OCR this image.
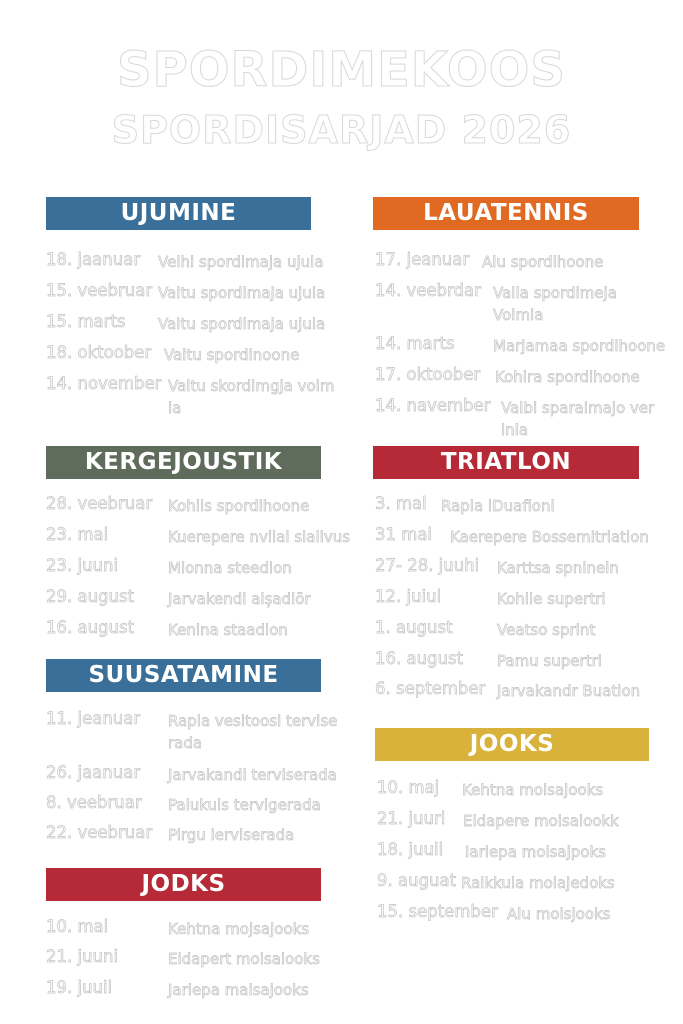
SPORDIMEKOOS
SPORDISARJAD 2026
UJUMINE
18. jaanuar Veihi spordimaja ujula
15. veebruar Vaitu spordimaja ujula
15. marts Vaitu spordimaja ujula
18. oktoober Vaitu spordinoone
14. november Valtu skordimgja voim ia
KERGEJOUSTIK
28. veebruar Kohils spordihoone
23. mai	Kuerepere nvilai sialivus
23. juuni	Mionna steedion
29. august Jarvakendi aișadiōr
16. august Kenina staadion
SUUSATAMINE
11. jeanuar Rapla vesitoosi tervise rada
26. jaanuar Jarvakandi terviserada
8. veebruar Palukuls tervigerada
22. veebruar Pirgu ierviserada
JODKS
10. mai	Kehtna mojsajooks
21. juuni	Eidapert moisaiooks
19. juuil	Jariepa maisajooks
LAUATENNIS
17. jeanuar Alu spordihoone
14. veebrdar Vaila spordimeja Voimia
14. marts	Marjamaa spordihoone
17. oktoober Kohlra spordihoone
14. navember Valbi sparaimajo ver lnla
TRIATLON
3. mal Rapla iDuafioni
31 mai Kaerepere Bossemitriation
27- 28. juuhi Karttsa spninein
12. juiul	Kohile supertri
1. august	Veatso sprint
16. august Pamu supertri
6. september Jarvakandr Buation
JOOKS
10. maj Kehtna moisajooks
21. juurl Eidapere moisaiookk
18. juuil Iariepa moisajpoks
9. auguat Raikkula moiajedoks
15. september Alu moisjooks
